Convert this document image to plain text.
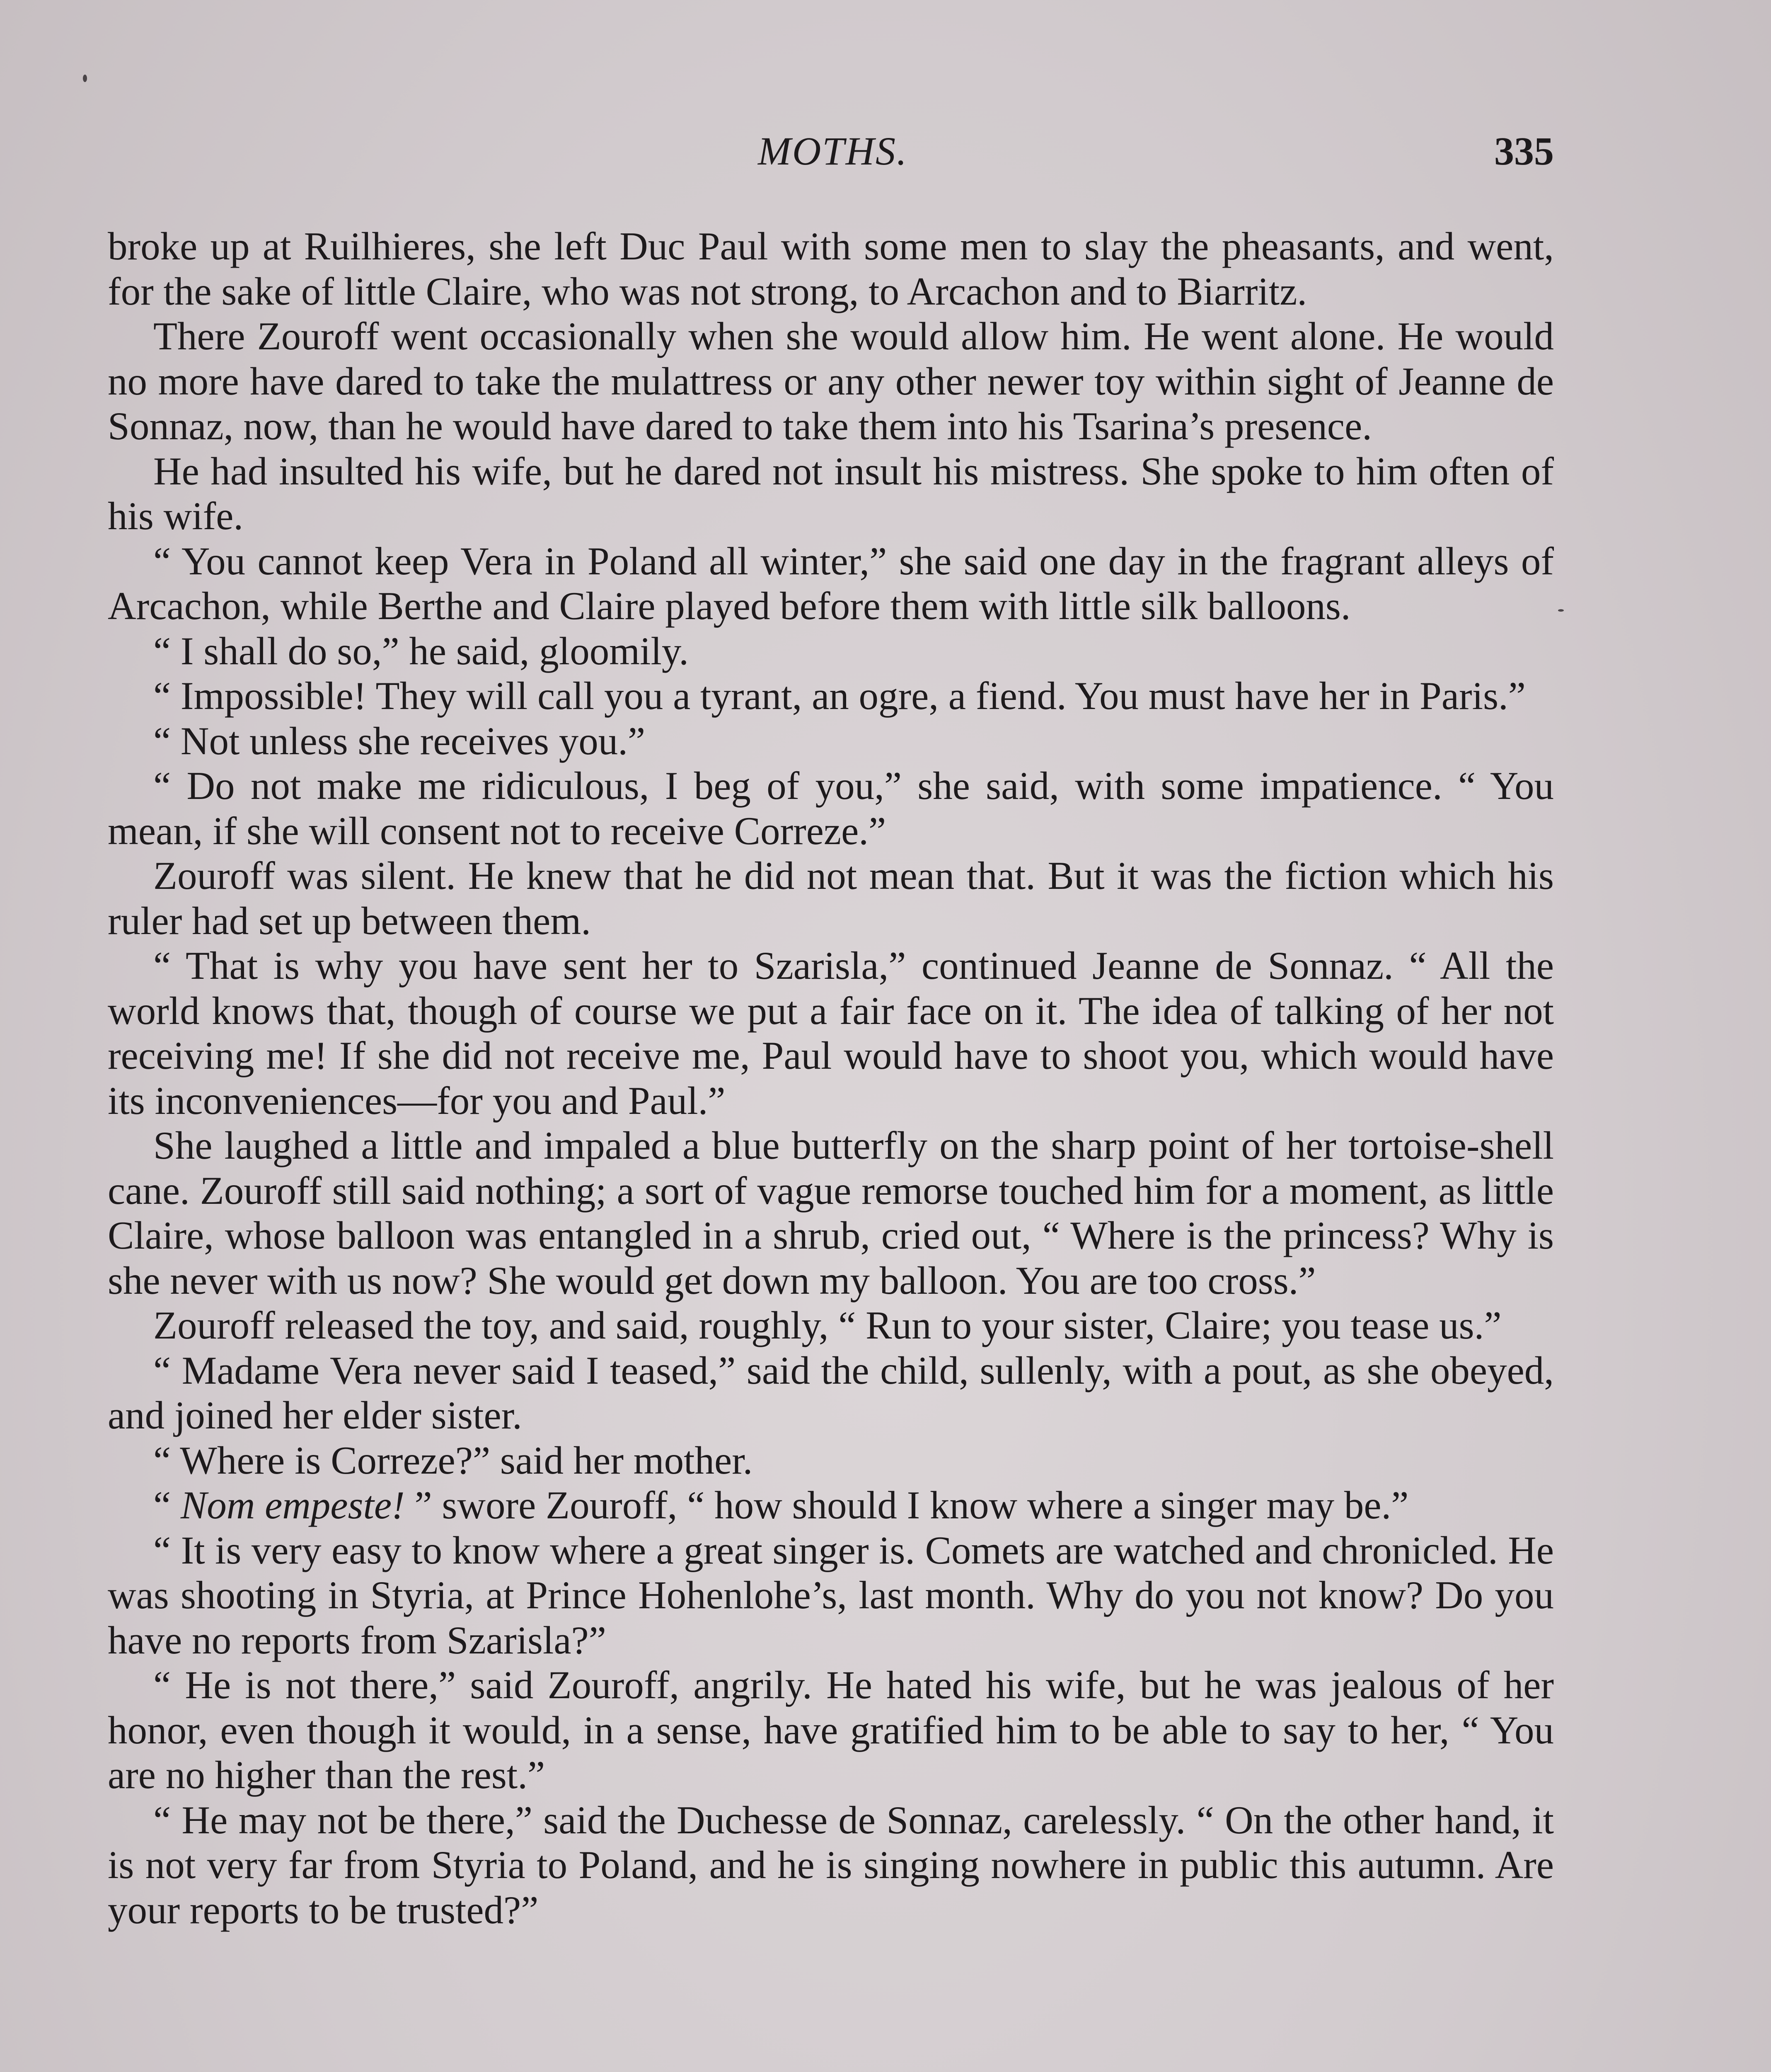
MOTHS.	335

broke up at Ruilhieres, she left Duc Paul with some men to slay the pheasants, and went, for the sake of little Claire, who was not strong, to Arcachon and to Biarritz.

There Zouroff went occasionally when she would allow him. He went alone. He would no more have dared to take the mulattress or any other newer toy within sight of Jeanne de Sonnaz, now, than he would have dared to take them into his Tsarina’s presence.

He had insulted his wife, but he dared not insult his mistress. She spoke to him often of his wife.

“ You cannot keep Vera in Poland all winter,” she said one day in the fragrant alleys of Arcachon, while Berthe and Claire played before them with little silk balloons.

“ I shall do so,” he said, gloomily.

“ Impossible! They will call you a tyrant, an ogre, a fiend. You must have her in Paris.”

“ Not unless she receives you.”

“ Do not make me ridiculous, I beg of you,” she said, with some impatience. “ You mean, if she will consent not to receive Correze.”

Zouroff was silent. He knew that he did not mean that. But it was the fiction which his ruler had set up between them.

“ That is why you have sent her to Szarisla,” continued Jeanne de Sonnaz. “ All the world knows that, though of course we put a fair face on it. The idea of talking of her not receiving me! If she did not receive me, Paul would have to shoot you, which would have its inconveniences—for you and Paul.”

She laughed a little and impaled a blue butterfly on the sharp point of her tortoise-shell cane. Zouroff still said nothing; a sort of vague remorse touched him for a moment, as little Claire, whose balloon was entangled in a shrub, cried out, “ Where is the princess? Why is she never with us now? She would get down my balloon. You are too cross.”

Zouroff released the toy, and said, roughly, “ Run to your sister, Claire; you tease us.”

“ Madame Vera never said I teased,” said the child, sullenly, with a pout, as she obeyed, and joined her elder sister.

“ Where is Correze?” said her mother.

“ Nom empeste! ” swore Zouroff, “ how should I know where a singer may be.”

“ It is very easy to know where a great singer is. Comets are watched and chronicled. He was shooting in Styria, at Prince Hohenlohe’s, last month. Why do you not know? Do you have no reports from Szarisla?”

“ He is not there,” said Zouroff, angrily. He hated his wife, but he was jealous of her honor, even though it would, in a sense, have gratified him to be able to say to her, “ You are no higher than the rest.”

“ He may not be there,” said the Duchesse de Sonnaz, carelessly. “ On the other hand, it is not very far from Styria to Poland, and he is singing nowhere in public this autumn. Are your reports to be trusted?”
